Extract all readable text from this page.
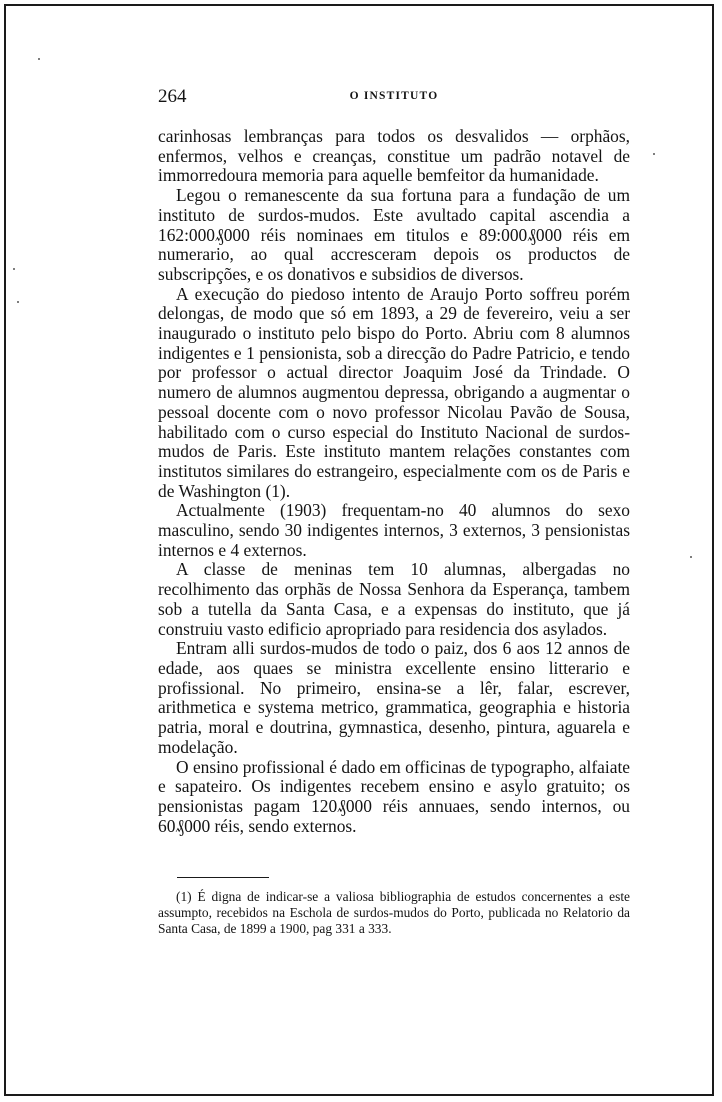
264	O INSTITUTO

carinhosas lembranças para todos os desvalidos — orphãos, enfermos, velhos e creanças, constitue um padrão notavel de immorredoura memoria para aquelle bemfeitor da humanidade.

Legou o remanescente da sua fortuna para a fundação de um instituto de surdos-mudos. Este avultado capital ascendia a 162:000₰000 réis nominaes em titulos e 89:000₰000 réis em numerario, ao qual accresceram depois os productos de subscripções, e os donativos e subsidios de diversos.

A execução do piedoso intento de Araujo Porto soffreu porém delongas, de modo que só em 1893, a 29 de fevereiro, veiu a ser inaugurado o instituto pelo bispo do Porto. Abriu com 8 alumnos indigentes e 1 pensionista, sob a direcção do Padre Patricio, e tendo por professor o actual director Joaquim José da Trindade. O numero de alumnos augmentou depressa, obrigando a augmentar o pessoal docente com o novo professor Nicolau Pavão de Sousa, habilitado com o curso especial do Instituto Nacional de surdos-mudos de Paris. Este instituto mantem relações constantes com institutos similares do estrangeiro, especialmente com os de Paris e de Washington (1).

Actualmente (1903) frequentam-no 40 alumnos do sexo masculino, sendo 30 indigentes internos, 3 externos, 3 pensionistas internos e 4 externos.

A classe de meninas tem 10 alumnas, albergadas no recolhimento das orphãs de Nossa Senhora da Esperança, tambem sob a tutella da Santa Casa, e a expensas do instituto, que já construiu vasto edificio apropriado para residencia dos asylados.

Entram alli surdos-mudos de todo o paiz, dos 6 aos 12 annos de edade, aos quaes se ministra excellente ensino litterario e profissional. No primeiro, ensina-se a lêr, falar, escrever, arithmetica e systema metrico, grammatica, geographia e historia patria, moral e doutrina, gymnastica, desenho, pintura, aguarela e modelação.

O ensino profissional é dado em officinas de typographo, alfaiate e sapateiro. Os indigentes recebem ensino e asylo gratuito; os pensionistas pagam 120₰000 réis annuaes, sendo internos, ou 60₰000 réis, sendo externos.

(1) É digna de indicar-se a valiosa bibliographia de estudos concernentes a este assumpto, recebidos na Escholа de surdos-mudos do Porto, publicada no Relatorio da Santa Casa, de 1899 a 1900, pag 331 a 333.
